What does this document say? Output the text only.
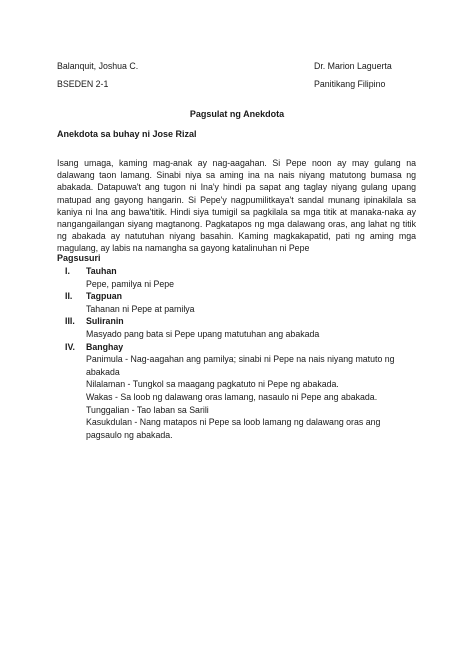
Balanquit, Joshua C.
BSEDEN 2-1
Dr. Marion Laguerta
Panitikang Filipino
Pagsulat ng Anekdota
Anekdota sa buhay ni Jose Rizal
Isang umaga, kaming mag-anak ay nag-aagahan. Si Pepe noon ay may gulang na
dalawang taon lamang. Sinabi niya sa aming ina na nais niyang matutong bumasa ng
abakada. Datapuwa't ang tugon ni Ina'y hindi pa sapat ang taglay niyang gulang upang
matupad ang gayong hangarin. Si Pepe'y nagpumilitkaya't sandal munang ipinakilala sa
kaniya ni Ina ang bawa'titik. Hindi siya tumigil sa pagkilala sa mga titik at manaka-naka ay
nangangailangan siyang magtanong. Pagkatapos ng mga dalawang oras, ang lahat ng titik
ng abakada ay natutuhan niyang basahin. Kaming magkakapatid, pati ng aming mga
magulang, ay labis na namangha sa gayong katalinuhan ni Pepe
Pagsusuri
I. Tauhan
Pepe, pamilya ni Pepe
II. Tagpuan
Tahanan ni Pepe at pamilya
III. Suliranin
Masyado pang bata si Pepe upang matutuhan ang abakada
IV. Banghay
Panimula - Nag-aagahan ang pamilya; sinabi ni Pepe na nais niyang matuto ng
abakada
Nilalaman - Tungkol sa maagang pagkatuto ni Pepe ng abakada.
Wakas - Sa loob ng dalawang oras lamang, nasaulo ni Pepe ang abakada.
Tunggalian - Tao laban sa Sarili
Kasukdulan - Nang matapos ni Pepe sa loob lamang ng dalawang oras ang
pagsaulo ng abakada.
